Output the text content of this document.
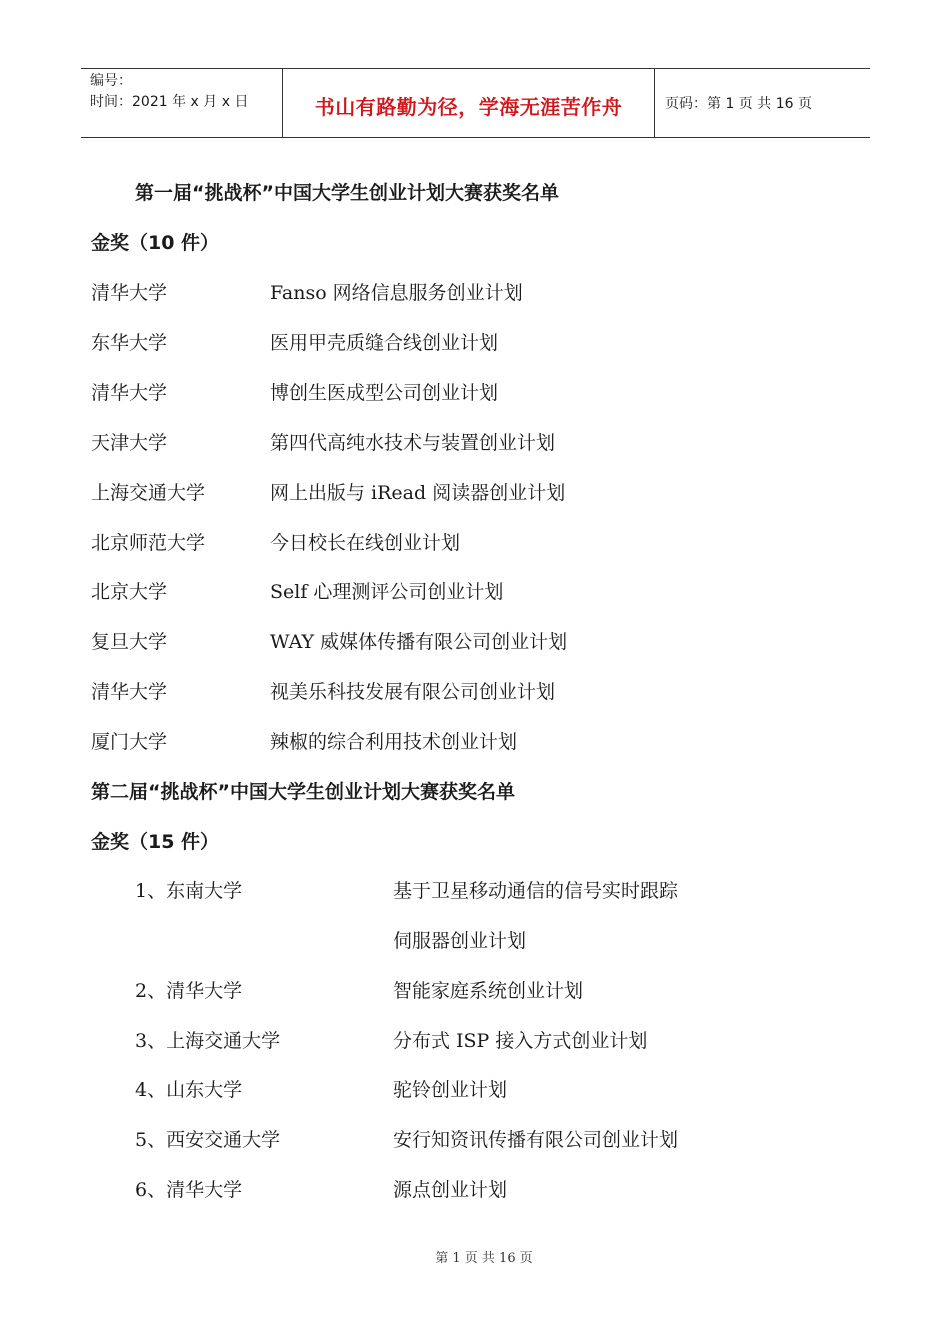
编号：
时间：2021 年 x 月 x 日	书山有路勤为径，学海无涯苦作舟	页码：第 1 页 共 16 页
第一届“挑战杯”中国大学生创业计划大赛获奖名单
金奖（10 件）
清华大学	Fanso 网络信息服务创业计划
东华大学	医用甲壳质缝合线创业计划
清华大学	博创生医成型公司创业计划
天津大学	第四代高纯水技术与装置创业计划
上海交通大学	网上出版与 iRead 阅读器创业计划
北京师范大学	今日校长在线创业计划
北京大学	Self 心理测评公司创业计划
复旦大学	WAY 威媒体传播有限公司创业计划
清华大学	视美乐科技发展有限公司创业计划
厦门大学	辣椒的综合利用技术创业计划
第二届“挑战杯”中国大学生创业计划大赛获奖名单
金奖（15 件）
1、东南大学	基于卫星移动通信的信号实时跟踪
伺服器创业计划
2、清华大学	智能家庭系统创业计划
3、上海交通大学	分布式 ISP 接入方式创业计划
4、山东大学	驼铃创业计划
5、西安交通大学	安行知资讯传播有限公司创业计划
6、清华大学	源点创业计划
第 1 页 共 16 页
